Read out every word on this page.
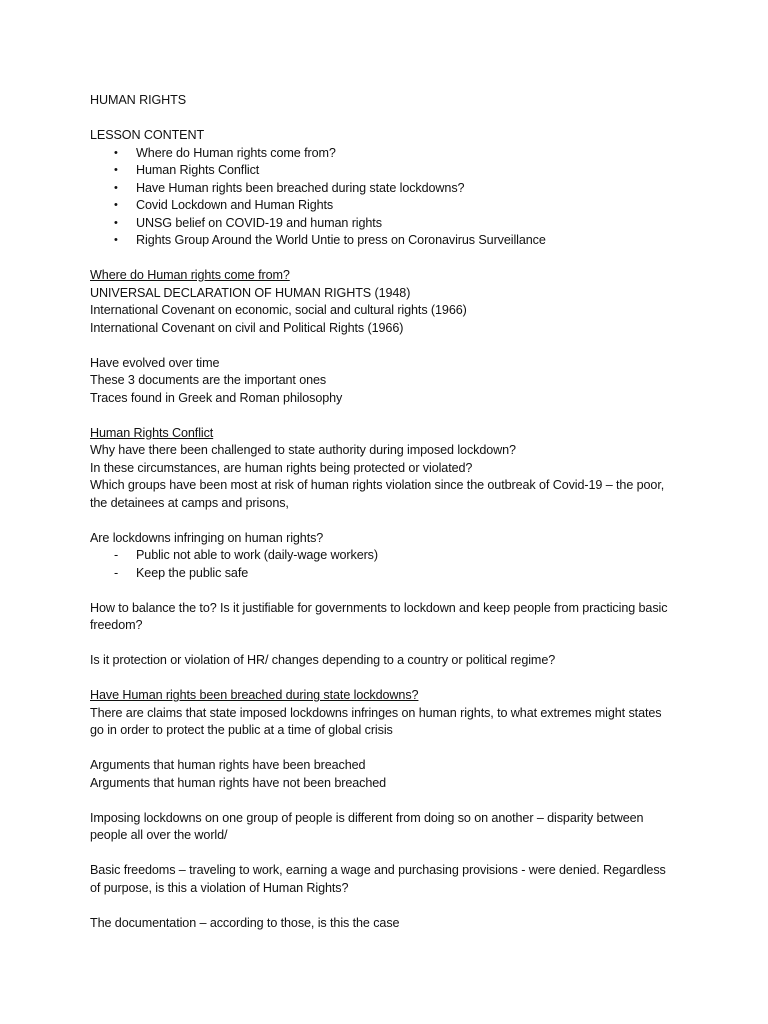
HUMAN RIGHTS

LESSON CONTENT

• Where do Human rights come from?
• Human Rights Conflict
• Have Human rights been breached during state lockdowns?
• Covid Lockdown and Human Rights
• UNSG belief on COVID-19 and human rights
• Rights Group Around the World Untie to press on Coronavirus Surveillance

Where do Human rights come from?

UNIVERSAL DECLARATION OF HUMAN RIGHTS (1948)

International Covenant on economic, social and cultural rights (1966)

International Covenant on civil and Political Rights (1966)

Have evolved over time

These 3 documents are the important ones

Traces found in Greek and Roman philosophy

Human Rights Conflict

Why have there been challenged to state authority during imposed lockdown?

In these circumstances, are human rights being protected or violated?

Which groups have been most at risk of human rights violation since the outbreak of Covid-19 – the poor, the detainees at camps and prisons,

Are lockdowns infringing on human rights?

- Public not able to work (daily-wage workers)
- Keep the public safe

How to balance the to? Is it justifiable for governments to lockdown and keep people from practicing basic freedom?

Is it protection or violation of HR/ changes depending to a country or political regime?

Have Human rights been breached during state lockdowns?

There are claims that state imposed lockdowns infringes on human rights, to what extremes might states go in order to protect the public at a time of global crisis

Arguments that human rights have been breached

Arguments that human rights have not been breached

Imposing lockdowns on one group of people is different from doing so on another – disparity between people all over the world/

Basic freedoms – traveling to work, earning a wage and purchasing provisions - were denied. Regardless of purpose, is this a violation of Human Rights?

The documentation – according to those, is this the case
